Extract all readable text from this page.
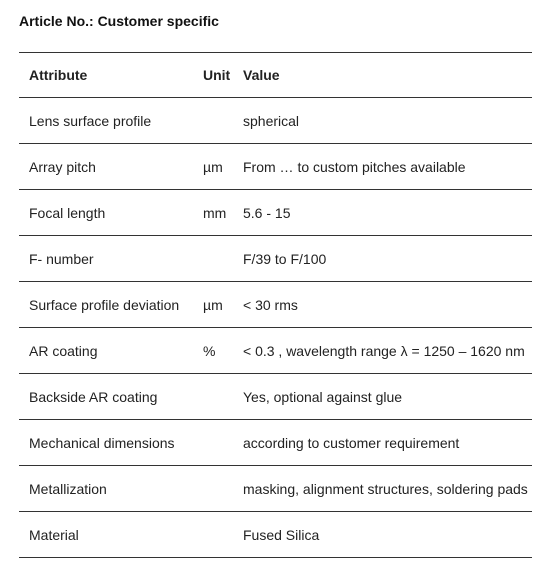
Article No.: Customer specific
Attribute	Unit	Value
Lens surface profile		spherical
Array pitch	µm	From … to custom pitches available
Focal length	mm	5.6 - 15
F- number		F/39 to F/100
Surface profile deviation	µm	< 30 rms
AR coating	%	< 0.3 , wavelength range λ = 1250 – 1620 nm
Backside AR coating		Yes, optional against glue
Mechanical dimensions		according to customer requirement
Metallization		masking, alignment structures, soldering pads
Material		Fused Silica
